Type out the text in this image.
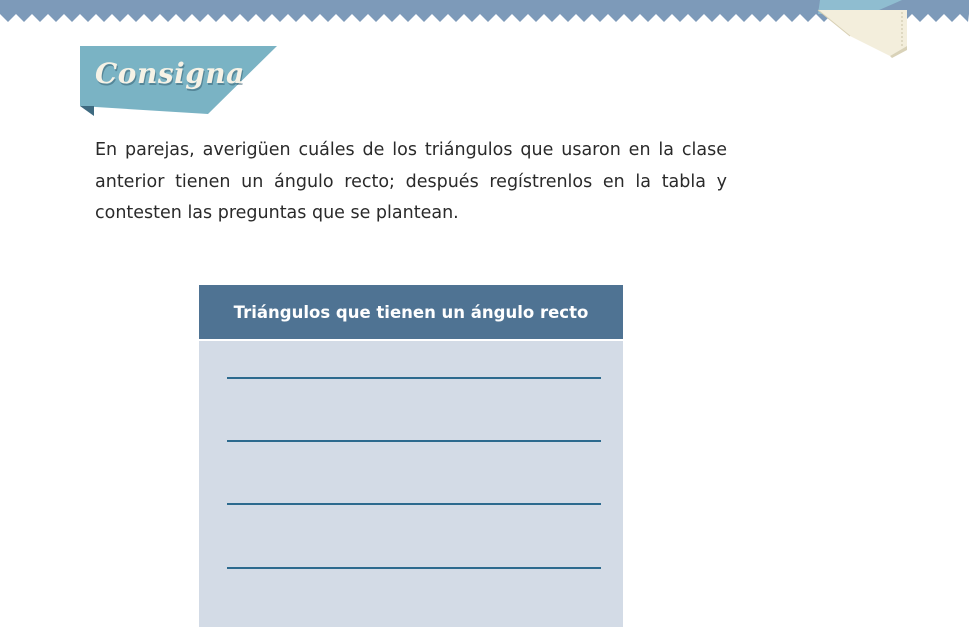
Consigna

En parejas, averigüen cuáles de los triángulos que usaron en la clase anterior tienen un ángulo recto; después regístrenlos en la tabla y contesten las preguntas que se plantean.

Triángulos que tienen un ángulo recto
